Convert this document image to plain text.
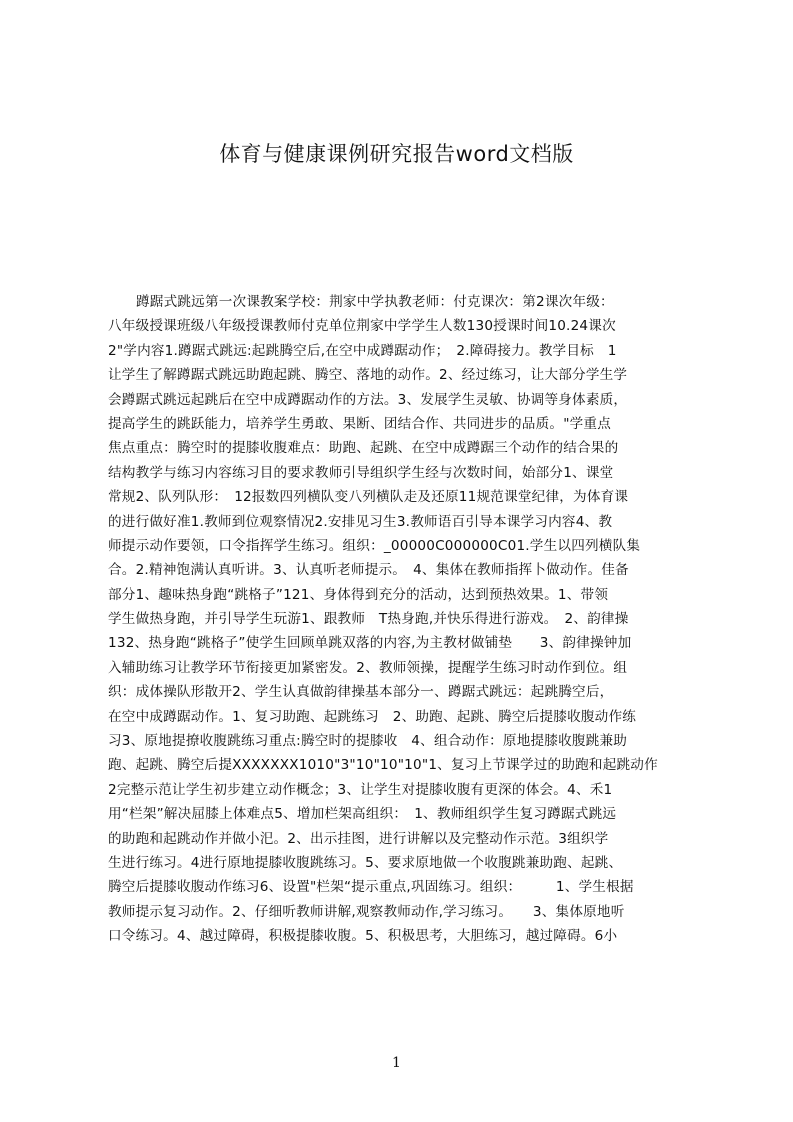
体育与健康课例研究报告word文档版
蹲踞式跳远第一次课教案学校：荆家中学执教老师：付克课次：第2课次年级：
八年级授课班级八年级授课教师付克单位荆家中学学生人数130授课时间10.24课次
2"学内容1.蹲踞式跳远:起跳腾空后,在空中成蹲踞动作；　2.障碍接力。教学目标　1
让学生了解蹲踞式跳远助跑起跳、腾空、落地的动作。2、经过练习，让大部分学生学
会蹲踞式跳远起跳后在空中成蹲踞动作的方法。3、发展学生灵敏、协调等身体素质，
提高学生的跳跃能力，培养学生勇敢、果断、团结合作、共同进步的品质。"学重点
焦点重点：腾空时的提膝收腹难点：助跑、起跳、在空中成蹲踞三个动作的结合果的
结构教学与练习内容练习目的要求教师引导组织学生经与次数时间，始部分1、课堂
常规2、队列队形：　12报数四列横队变八列横队走及还原11规范课堂纪律，为体育课
的进行做好准1.教师到位观察情况2.安排见习生3.教师语百引导本课学习内容4、教
师提示动作要领，口令指挥学生练习。组织：_00000C000000C01.学生以四列横队集
合。2.精神饱满认真听讲。3、认真听老师提示。　4、集体在教师指挥卜做动作。佳备
部分1、趣味热身跑“跳格子”121、身体得到充分的活动，达到预热效果。1、带领
学生做热身跑，并引导学生玩游1、跟教师　T热身跑,并快乐得进行游戏。　2、韵律操
132、热身跑“跳格子”使学生回顾单跳双落的内容,为主教材做铺垫　　3、韵律操钟加
入辅助练习让教学环节衔接更加紧密发。2、教师领操，提醒学生练习时动作到位。组
织：成体操队形散开2、学生认真做韵律操基本部分一、蹲踞式跳远：起跳腾空后，
在空中成蹲踞动作。1、复习助跑、起跳练习　2、助跑、起跳、腾空后提膝收腹动作练
习3、原地提撩收腹跳练习重点:腾空时的提膝收　4、组合动作：原地提膝收腹跳兼助
跑、起跳、腾空后提XXXXXXX1010"3"10"10"10"1、复习上节课学过的助跑和起跳动作
2完整示范让学生初步建立动作概念；3、让学生对提膝收腹有更深的体会。4、禾1
用“栏架”解决屈膝上体难点5、增加栏架高组织：　1、教师组织学生复习蹲踞式跳远
的助跑和起跳动作并做小汜。2、出示挂图，进行讲解以及完整动作示范。3组织学
生进行练习。4进行原地提膝收腹跳练习。5、要求原地做一个收腹跳兼助跑、起跳、
腾空后提膝收腹动作练习6、设置"栏架“提示重点,巩固练习。组织：　　　1、学生根据
教师提示复习动作。2、仔细听教师讲解,观察教师动作,学习练习。　　3、集体原地听
口令练习。4、越过障碍，积极提膝收腹。5、积极思考，大胆练习，越过障碍。6小
1
